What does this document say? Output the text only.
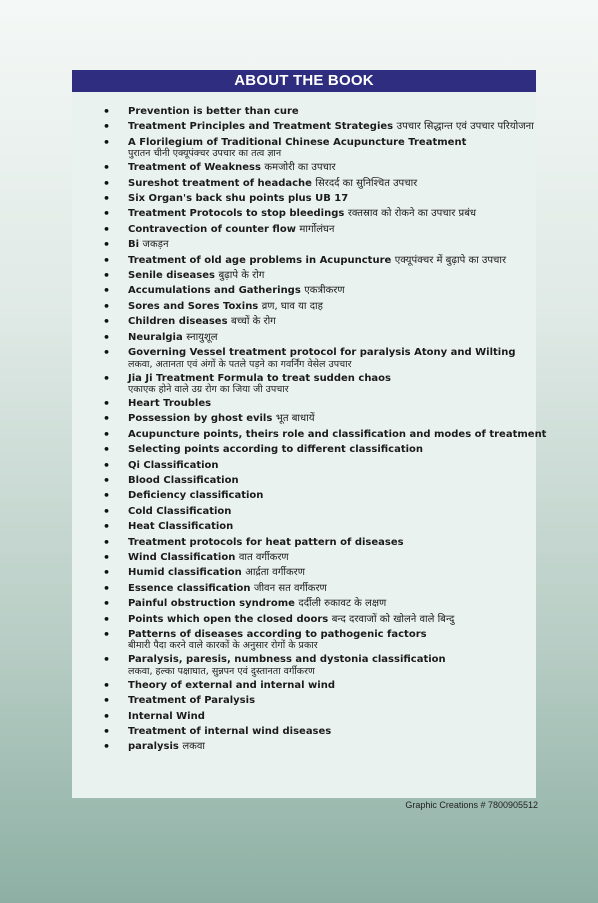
ABOUT THE BOOK
• Prevention is better than cure
• Treatment Principles and Treatment Strategies उपचार सिद्धान्त एवं उपचार परियोजना
• A Florilegium of Traditional Chinese Acupuncture Treatment
पुरातन चीनी एक्यूपंक्चर उपचार का तत्व ज्ञान
• Treatment of Weakness कमजोरी का उपचार
• Sureshot treatment of headache सिरदर्द का सुनिश्चित उपचार
• Six Organ's back shu points plus UB 17
• Treatment Protocols to stop bleedings रक्तस्राव को रोकने का उपचार प्रबंध
• Contravection of counter flow मार्गोलंघन
• Bi जकड़न
• Treatment of old age problems in Acupuncture एक्यूपंक्चर में बुढ़ापे का उपचार
• Senile diseases बुढ़ापे के रोग
• Accumulations and Gatherings एकत्रीकरण
• Sores and Sores Toxins व्रण, घाव या दाह
• Children diseases बच्चों के रोग
• Neuralgia स्नायुशूल
• Governing Vessel treatment protocol for paralysis Atony and Wilting
लकवा, अतानता एवं अंगों के पतले पड़ने का गवर्निंग वेसेल उपचार
• Jia Ji Treatment Formula to treat sudden chaos
एकाएक होने वाले उग्र रोग का जिया जी उपचार
• Heart Troubles
• Possession by ghost evils भूत बाधायें
• Acupuncture points, theirs role and classification and modes of treatment
• Selecting points according to different classification
• Qi Classification
• Blood Classification
• Deficiency classification
• Cold Classification
• Heat Classification
• Treatment protocols for heat pattern of diseases
• Wind Classification वात वर्गीकरण
• Humid classification आर्द्रता वर्गीकरण
• Essence classification जीवन सत वर्गीकरण
• Painful obstruction syndrome दर्दीली रुकावट के लक्षण
• Points which open the closed doors बन्द दरवाजों को खोलने वाले बिन्दु
• Patterns of diseases according to pathogenic factors
बीमारी पैदा करने वाले कारकों के अनुसार रोगों के प्रकार
• Paralysis, paresis, numbness and dystonia classification
लकवा, हल्का पक्षाघात, सुन्नपन एवं दुस्तानता वर्गीकरण
• Theory of external and internal wind
• Treatment of Paralysis
• Internal Wind
• Treatment of internal wind diseases
• paralysis लकवा
Graphic Creations # 7800905512
